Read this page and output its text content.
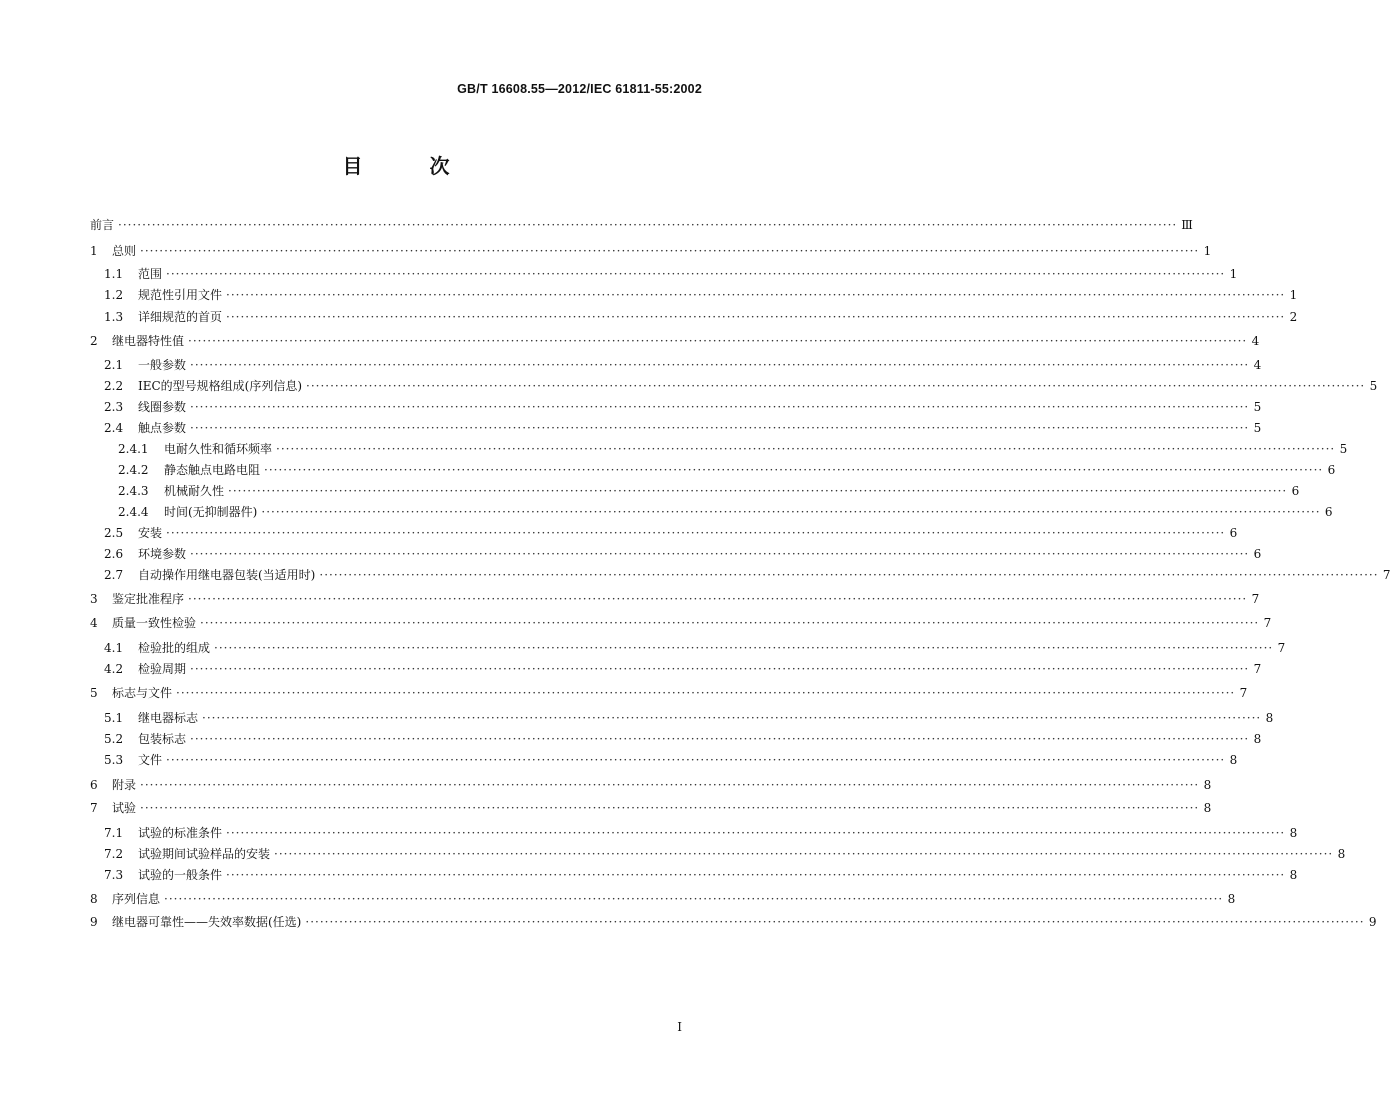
GB/T 16608.55—2012/IEC 61811-55:2002
目 次
前言 ···························································································································································································································· Ⅲ
1	总则 ···························································································································································································································· 1
1.1	范围 ···························································································································································································································· 1
1.2	规范性引用文件 ···························································································································································································································· 1
1.3	详细规范的首页 ···························································································································································································································· 2
2	继电器特性值 ···························································································································································································································· 4
2.1	一般参数 ···························································································································································································································· 4
2.2	IEC的型号规格组成(序列信息) ···························································································································································································································· 5
2.3	线圈参数 ···························································································································································································································· 5
2.4	触点参数 ···························································································································································································································· 5
2.4.1	电耐久性和循环频率 ···························································································································································································································· 5
2.4.2	静态触点电路电阻 ···························································································································································································································· 6
2.4.3	机械耐久性 ···························································································································································································································· 6
2.4.4	时间(无抑制器件) ···························································································································································································································· 6
2.5	安装 ···························································································································································································································· 6
2.6	环境参数 ···························································································································································································································· 6
2.7	自动操作用继电器包装(当适用时) ···························································································································································································································· 7
3	鉴定批准程序 ···························································································································································································································· 7
4	质量一致性检验 ···························································································································································································································· 7
4.1	检验批的组成 ···························································································································································································································· 7
4.2	检验周期 ···························································································································································································································· 7
5	标志与文件 ···························································································································································································································· 7
5.1	继电器标志 ···························································································································································································································· 8
5.2	包装标志 ···························································································································································································································· 8
5.3	文件 ···························································································································································································································· 8
6	附录 ···························································································································································································································· 8
7	试验 ···························································································································································································································· 8
7.1	试验的标准条件 ···························································································································································································································· 8
7.2	试验期间试验样品的安装 ···························································································································································································································· 8
7.3	试验的一般条件 ···························································································································································································································· 8
8	序列信息 ···························································································································································································································· 8
9	继电器可靠性——失效率数据(任选) ···························································································································································································································· 9
I
